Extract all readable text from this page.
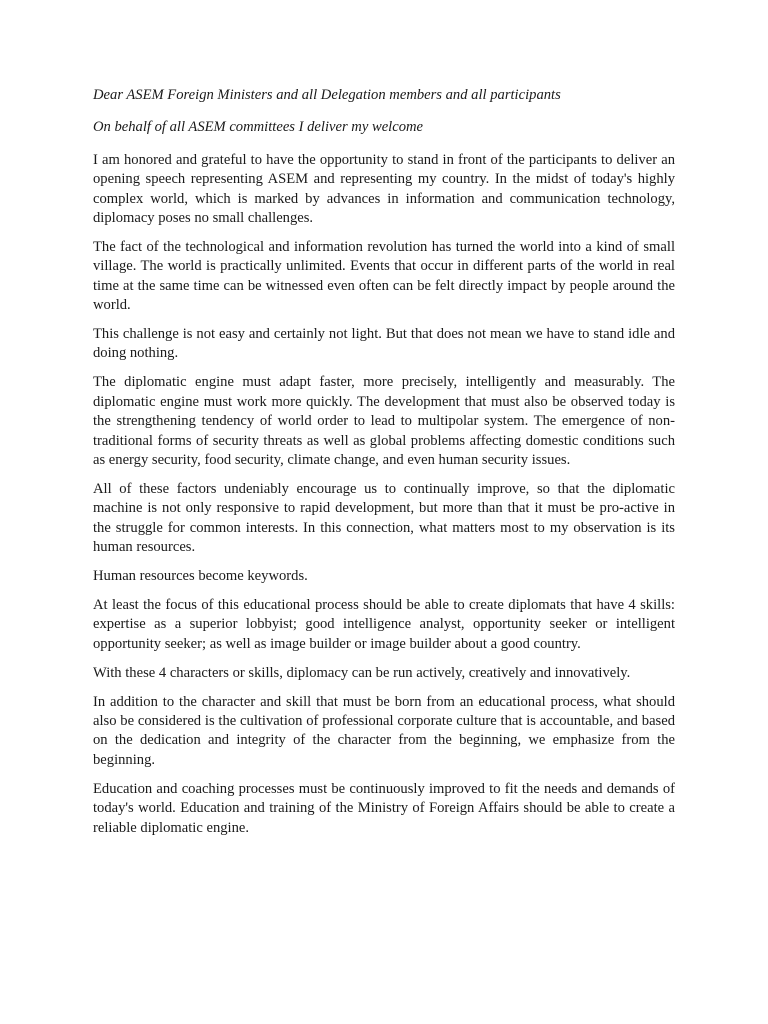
Dear ASEM Foreign Ministers and all Delegation members and all participants

On behalf of all ASEM committees I deliver my welcome

I am honored and grateful to have the opportunity to stand in front of the participants to deliver an opening speech representing ASEM and representing my country. In the midst of today's highly complex world, which is marked by advances in information and communication technology, diplomacy poses no small challenges.

The fact of the technological and information revolution has turned the world into a kind of small village. The world is practically unlimited. Events that occur in different parts of the world in real time at the same time can be witnessed even often can be felt directly impact by people around the world.

This challenge is not easy and certainly not light. But that does not mean we have to stand idle and doing nothing.

The diplomatic engine must adapt faster, more precisely, intelligently and measurably. The diplomatic engine must work more quickly. The development that must also be observed today is the strengthening tendency of world order to lead to multipolar system. The emergence of non-traditional forms of security threats as well as global problems affecting domestic conditions such as energy security, food security, climate change, and even human security issues.

All of these factors undeniably encourage us to continually improve, so that the diplomatic machine is not only responsive to rapid development, but more than that it must be pro-active in the struggle for common interests. In this connection, what matters most to my observation is its human resources.

Human resources become keywords.

At least the focus of this educational process should be able to create diplomats that have 4 skills: expertise as a superior lobbyist; good intelligence analyst, opportunity seeker or intelligent opportunity seeker; as well as image builder or image builder about a good country.

With these 4 characters or skills, diplomacy can be run actively, creatively and innovatively.

In addition to the character and skill that must be born from an educational process, what should also be considered is the cultivation of professional corporate culture that is accountable, and based on the dedication and integrity of the character from the beginning, we emphasize from the beginning.

Education and coaching processes must be continuously improved to fit the needs and demands of today's world. Education and training of the Ministry of Foreign Affairs should be able to create a reliable diplomatic engine.
